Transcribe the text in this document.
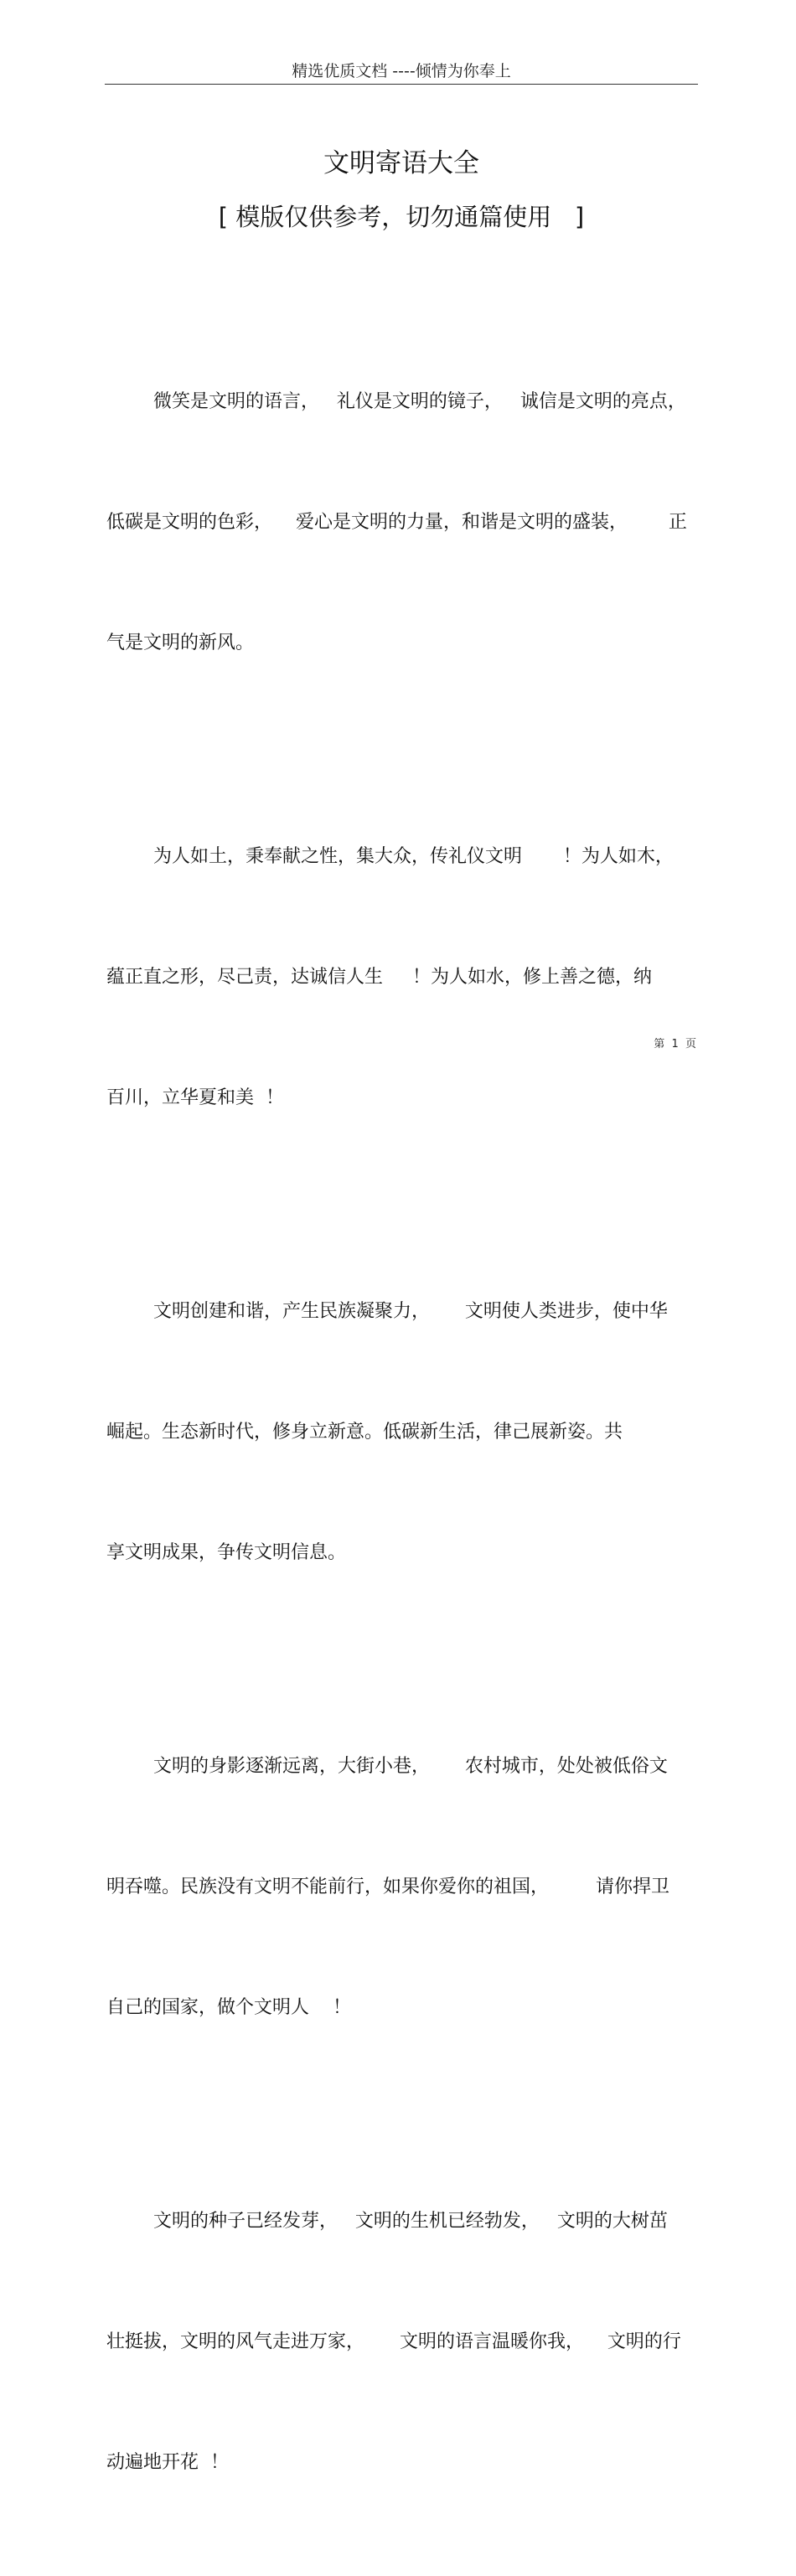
精选优质文档 ----倾情为你奉上
文明寄语大全
[ 模版仅供参考，切勿通篇使用   ]

微笑是文明的语言，   礼仪是文明的镜子，   诚信是文明的亮点，

低碳是文明的色彩，    爱心是文明的力量，和谐是文明的盛装，       正

气是文明的新风。

为人如土，秉奉献之性，集大众，传礼仪文明       ！为人如木，

蕴正直之形，尽己责，达诚信人生     ！为人如水，修上善之德，纳

百川，立华夏和美  ！

文明创建和谐，产生民族凝聚力，      文明使人类进步，使中华

崛起。生态新时代，修身立新意。低碳新生活，律己展新姿。共

享文明成果，争传文明信息。

文明的身影逐渐远离，大街小巷，      农村城市，处处被低俗文

明吞噬。民族没有文明不能前行，如果你爱你的祖国，        请你捍卫

自己的国家，做个文明人    ！

文明的种子已经发芽，   文明的生机已经勃发，   文明的大树茁

壮挺拔，文明的风气走进万家，      文明的语言温暖你我，    文明的行

动遍地开花  ！

第  1  页
